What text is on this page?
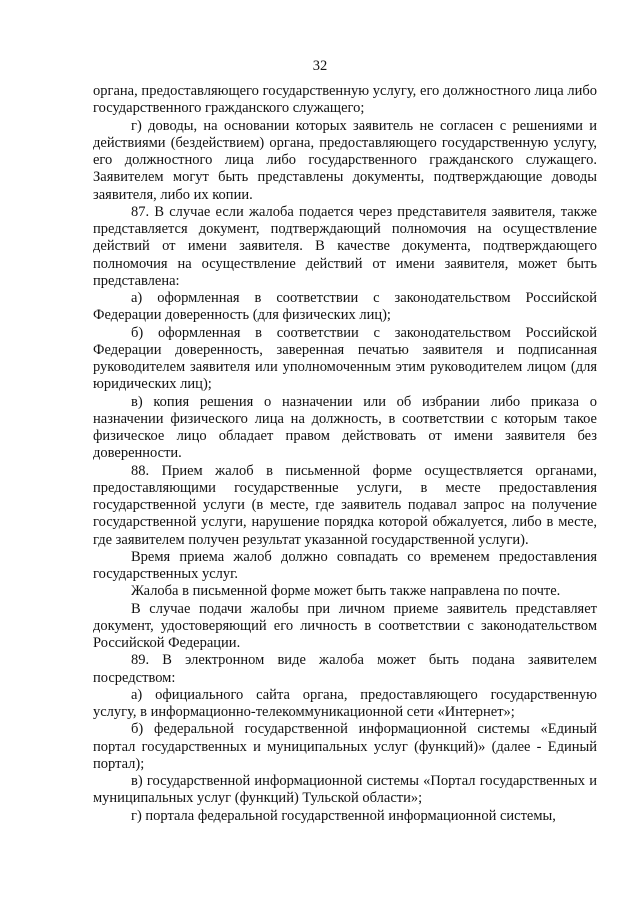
32

органа, предоставляющего государственную услугу, его должностного лица либо государственного гражданского служащего;

г) доводы, на основании которых заявитель не согласен с решениями и действиями (бездействием) органа, предоставляющего государственную услугу, его должностного лица либо государственного гражданского служащего. Заявителем могут быть представлены документы, подтверждающие доводы заявителя, либо их копии.

87. В случае если жалоба подается через представителя заявителя, также представляется документ, подтверждающий полномочия на осуществление действий от имени заявителя. В качестве документа, подтверждающего полномочия на осуществление действий от имени заявителя, может быть представлена:

а) оформленная в соответствии с законодательством Российской Федерации доверенность (для физических лиц);

б) оформленная в соответствии с законодательством Российской Федерации доверенность, заверенная печатью заявителя и подписанная руководителем заявителя или уполномоченным этим руководителем лицом (для юридических лиц);

в) копия решения о назначении или об избрании либо приказа о назначении физического лица на должность, в соответствии с которым такое физическое лицо обладает правом действовать от имени заявителя без доверенности.

88. Прием жалоб в письменной форме осуществляется органами, предоставляющими государственные услуги, в месте предоставления государственной услуги (в месте, где заявитель подавал запрос на получение государственной услуги, нарушение порядка которой обжалуется, либо в месте, где заявителем получен результат указанной государственной услуги).

Время приема жалоб должно совпадать со временем предоставления государственных услуг.

Жалоба в письменной форме может быть также направлена по почте.

В случае подачи жалобы при личном приеме заявитель представляет документ, удостоверяющий его личность в соответствии с законодательством Российской Федерации.

89. В электронном виде жалоба может быть подана заявителем посредством:

а) официального сайта органа, предоставляющего государственную услугу, в информационно-телекоммуникационной сети «Интернет»;

б) федеральной государственной информационной системы «Единый портал государственных и муниципальных услуг (функций)» (далее - Единый портал);

в) государственной информационной системы «Портал государственных и муниципальных услуг (функций) Тульской области»;

г) портала федеральной государственной информационной системы,
